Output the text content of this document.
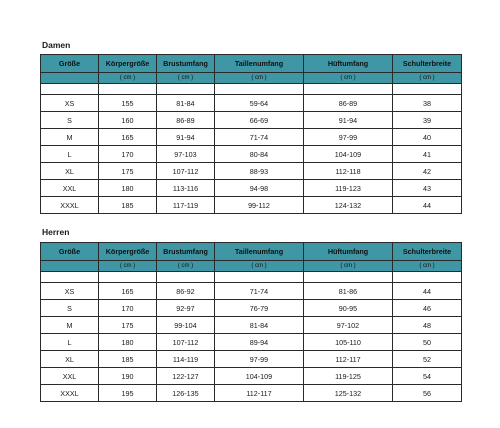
Damen
Größe	Körpergröße	Brustumfang	Taillenumfang	Hüftumfang	Schulterbreite
	( cm )	( cm )	( cm )	( cm )	( cm )

XS	155	81-84	59-64	86-89	38
S	160	86-89	66-69	91-94	39
M	165	91-94	71-74	97-99	40
L	170	97-103	80-84	104-109	41
XL	175	107-112	88-93	112-118	42
XXL	180	113-116	94-98	119-123	43
XXXL	185	117-119	99-112	124-132	44
Herren
Größe	Körpergröße	Brustumfang	Taillenumfang	Hüftumfang	Schulterbreite
	( cm )	( cm )	( cm )	( cm )	( cm )

XS	165	86-92	71-74	81-86	44
S	170	92-97	76-79	90-95	46
M	175	99-104	81-84	97-102	48
L	180	107-112	89-94	105-110	50
XL	185	114-119	97-99	112-117	52
XXL	190	122-127	104-109	119-125	54
XXXL	195	126-135	112-117	125-132	56
